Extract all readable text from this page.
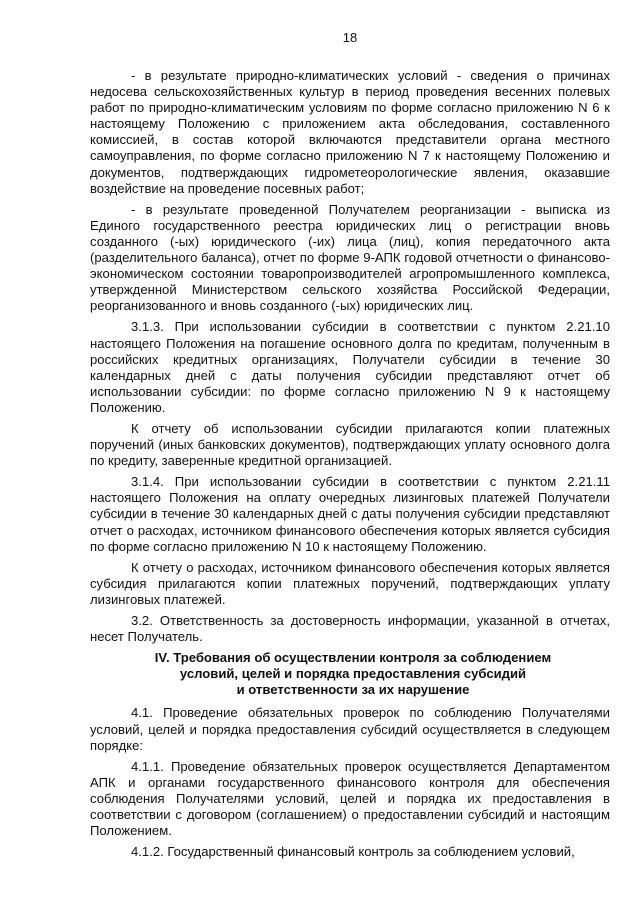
18

- в результате природно-климатических условий - сведения о причинах недосева сельскохозяйственных культур в период проведения весенних полевых работ по природно-климатическим условиям по форме согласно приложению N 6 к настоящему Положению с приложением акта обследования, составленного комиссией, в состав которой включаются представители органа местного самоуправления, по форме согласно приложению N 7 к настоящему Положению и документов, подтверждающих гидрометеорологические явления, оказавшие воздействие на проведение посевных работ;

- в результате проведенной Получателем реорганизации - выписка из Единого государственного реестра юридических лиц о регистрации вновь созданного (-ых) юридического (-их) лица (лиц), копия передаточного акта (разделительного баланса), отчет по форме 9-АПК годовой отчетности о финансово-экономическом состоянии товаропроизводителей агропромышленного комплекса, утвержденной Министерством сельского хозяйства Российской Федерации, реорганизованного и вновь созданного (-ых) юридических лиц.

3.1.3. При использовании субсидии в соответствии с пунктом 2.21.10 настоящего Положения на погашение основного долга по кредитам, полученным в российских кредитных организациях, Получатели субсидии в течение 30 календарных дней с даты получения субсидии представляют отчет об использовании субсидии: по форме согласно приложению N 9 к настоящему Положению.

К отчету об использовании субсидии прилагаются копии платежных поручений (иных банковских документов), подтверждающих уплату основного долга по кредиту, заверенные кредитной организацией.

3.1.4. При использовании субсидии в соответствии с пунктом 2.21.11 настоящего Положения на оплату очередных лизинговых платежей Получатели субсидии в течение 30 календарных дней с даты получения субсидии представляют отчет о расходах, источником финансового обеспечения которых является субсидия по форме согласно приложению N 10 к настоящему Положению.

К отчету о расходах, источником финансового обеспечения которых является субсидия прилагаются копии платежных поручений, подтверждающих уплату лизинговых платежей.

3.2. Ответственность за достоверность информации, указанной в отчетах, несет Получатель.

IV. Требования об осуществлении контроля за соблюдением
условий, целей и порядка предоставления субсидий
и ответственности за их нарушение

4.1. Проведение обязательных проверок по соблюдению Получателями условий, целей и порядка предоставления субсидий осуществляется в следующем порядке:

4.1.1. Проведение обязательных проверок осуществляется Департаментом АПК и органами государственного финансового контроля для обеспечения соблюдения Получателями условий, целей и порядка их предоставления в соответствии с договором (соглашением) о предоставлении субсидий и настоящим Положением.

4.1.2. Государственный финансовый контроль за соблюдением условий,
